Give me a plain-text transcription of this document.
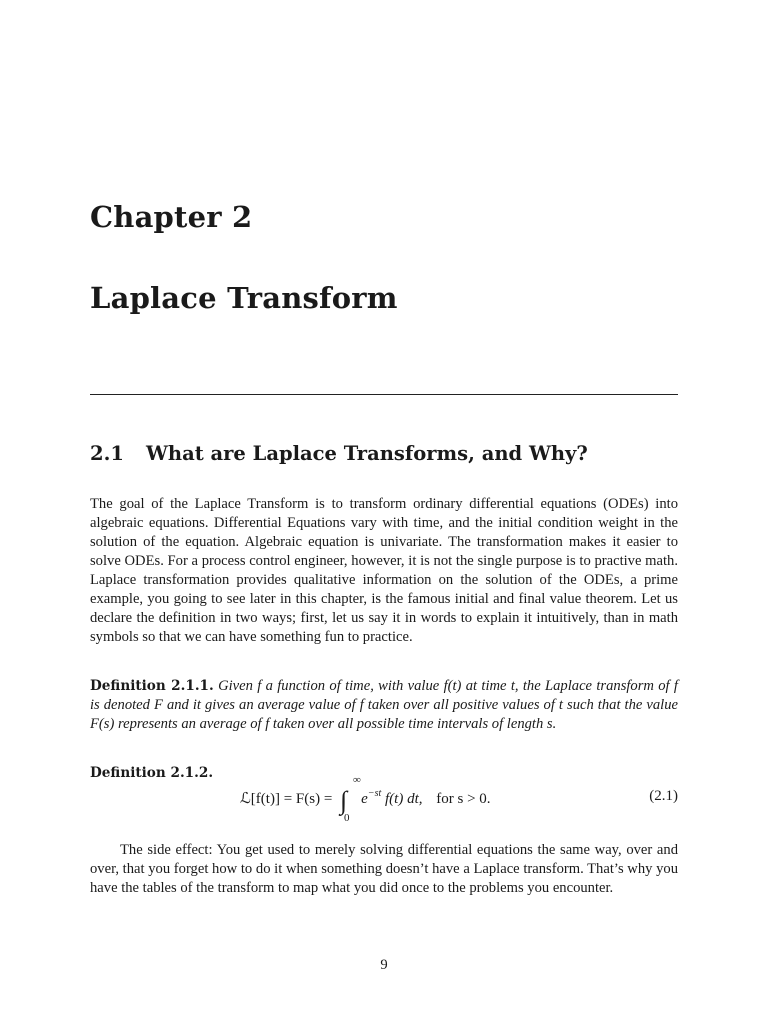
Chapter 2
Laplace Transform
2.1 What are Laplace Transforms, and Why?
The goal of the Laplace Transform is to transform ordinary differential equations (ODEs) into algebraic equations. Differential Equations vary with time, and the initial condition weight in the solution of the equation. Algebraic equation is univariate. The transformation makes it easier to solve ODEs. For a process control engineer, however, it is not the single purpose is to practive math. Laplace transformation provides qualitative information on the solution of the ODEs, a prime example, you going to see later in this chapter, is the famous initial and final value theorem. Let us declare the definition in two ways; first, let us say it in words to explain it intuitively, than in math symbols so that we can have something fun to practice.
Definition 2.1.1. Given f a function of time, with value f(t) at time t, the Laplace transform of f is denoted F and it gives an average value of f taken over all positive values of t such that the value F(s) represents an average of f taken over all possible time intervals of length s.
Definition 2.1.2.
ℒ[f(t)] = F(s) = ∫
∞
0
$e^{-st}$ f(t) dt, for s > 0.	(2.1)
The side effect: You get used to merely solving differential equations the same way, over and over, that you forget how to do it when something doesn’t have a Laplace transform. That’s why you have the tables of the transform to map what you did once to the problems you encounter.
9
